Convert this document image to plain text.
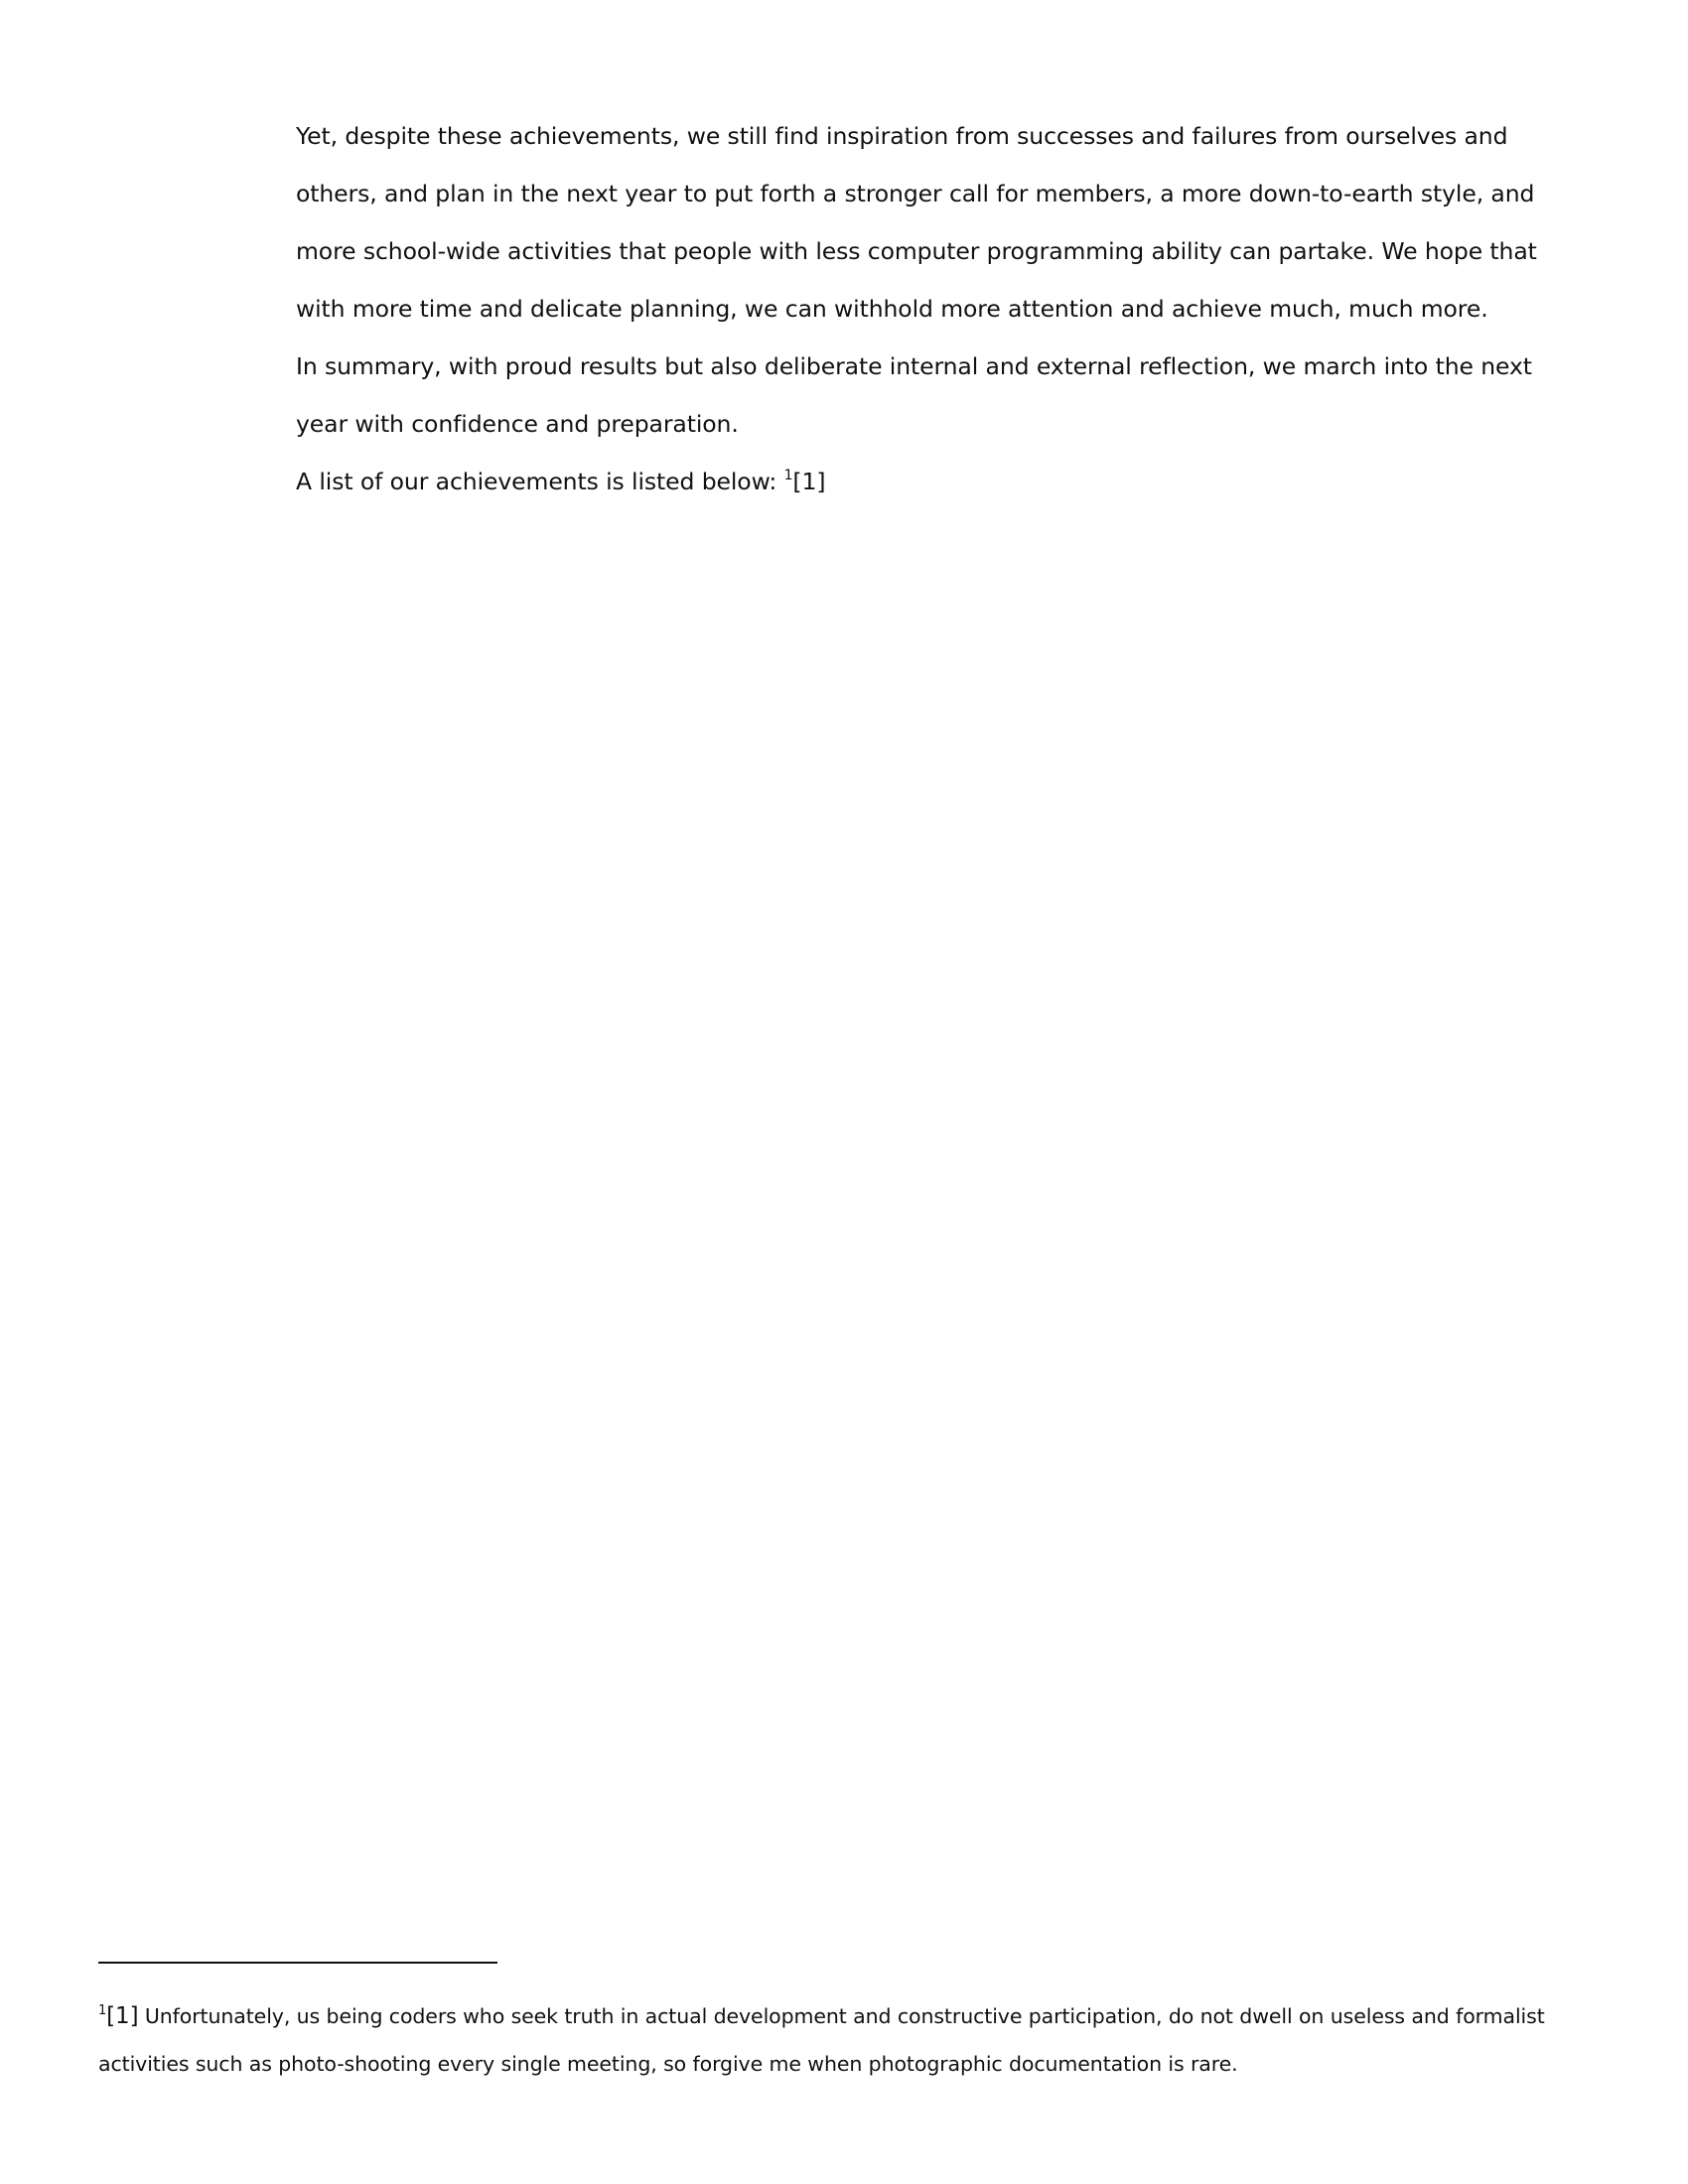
Yet, despite these achievements, we still find inspiration from successes and failures from ourselves and others, and plan in the next year to put forth a stronger call for members, a more down-to-earth style, and more school-wide activities that people with less computer programming ability can partake. We hope that with more time and delicate planning, we can withhold more attention and achieve much, much more.

In summary, with proud results but also deliberate internal and external reflection, we march into the next year with confidence and preparation.

A list of our achievements is listed below: $^1$[1]

$^1$[1] Unfortunately, us being coders who seek truth in actual development and constructive participation, do not dwell on useless and formalist activities such as photo-shooting every single meeting, so forgive me when photographic documentation is rare.
